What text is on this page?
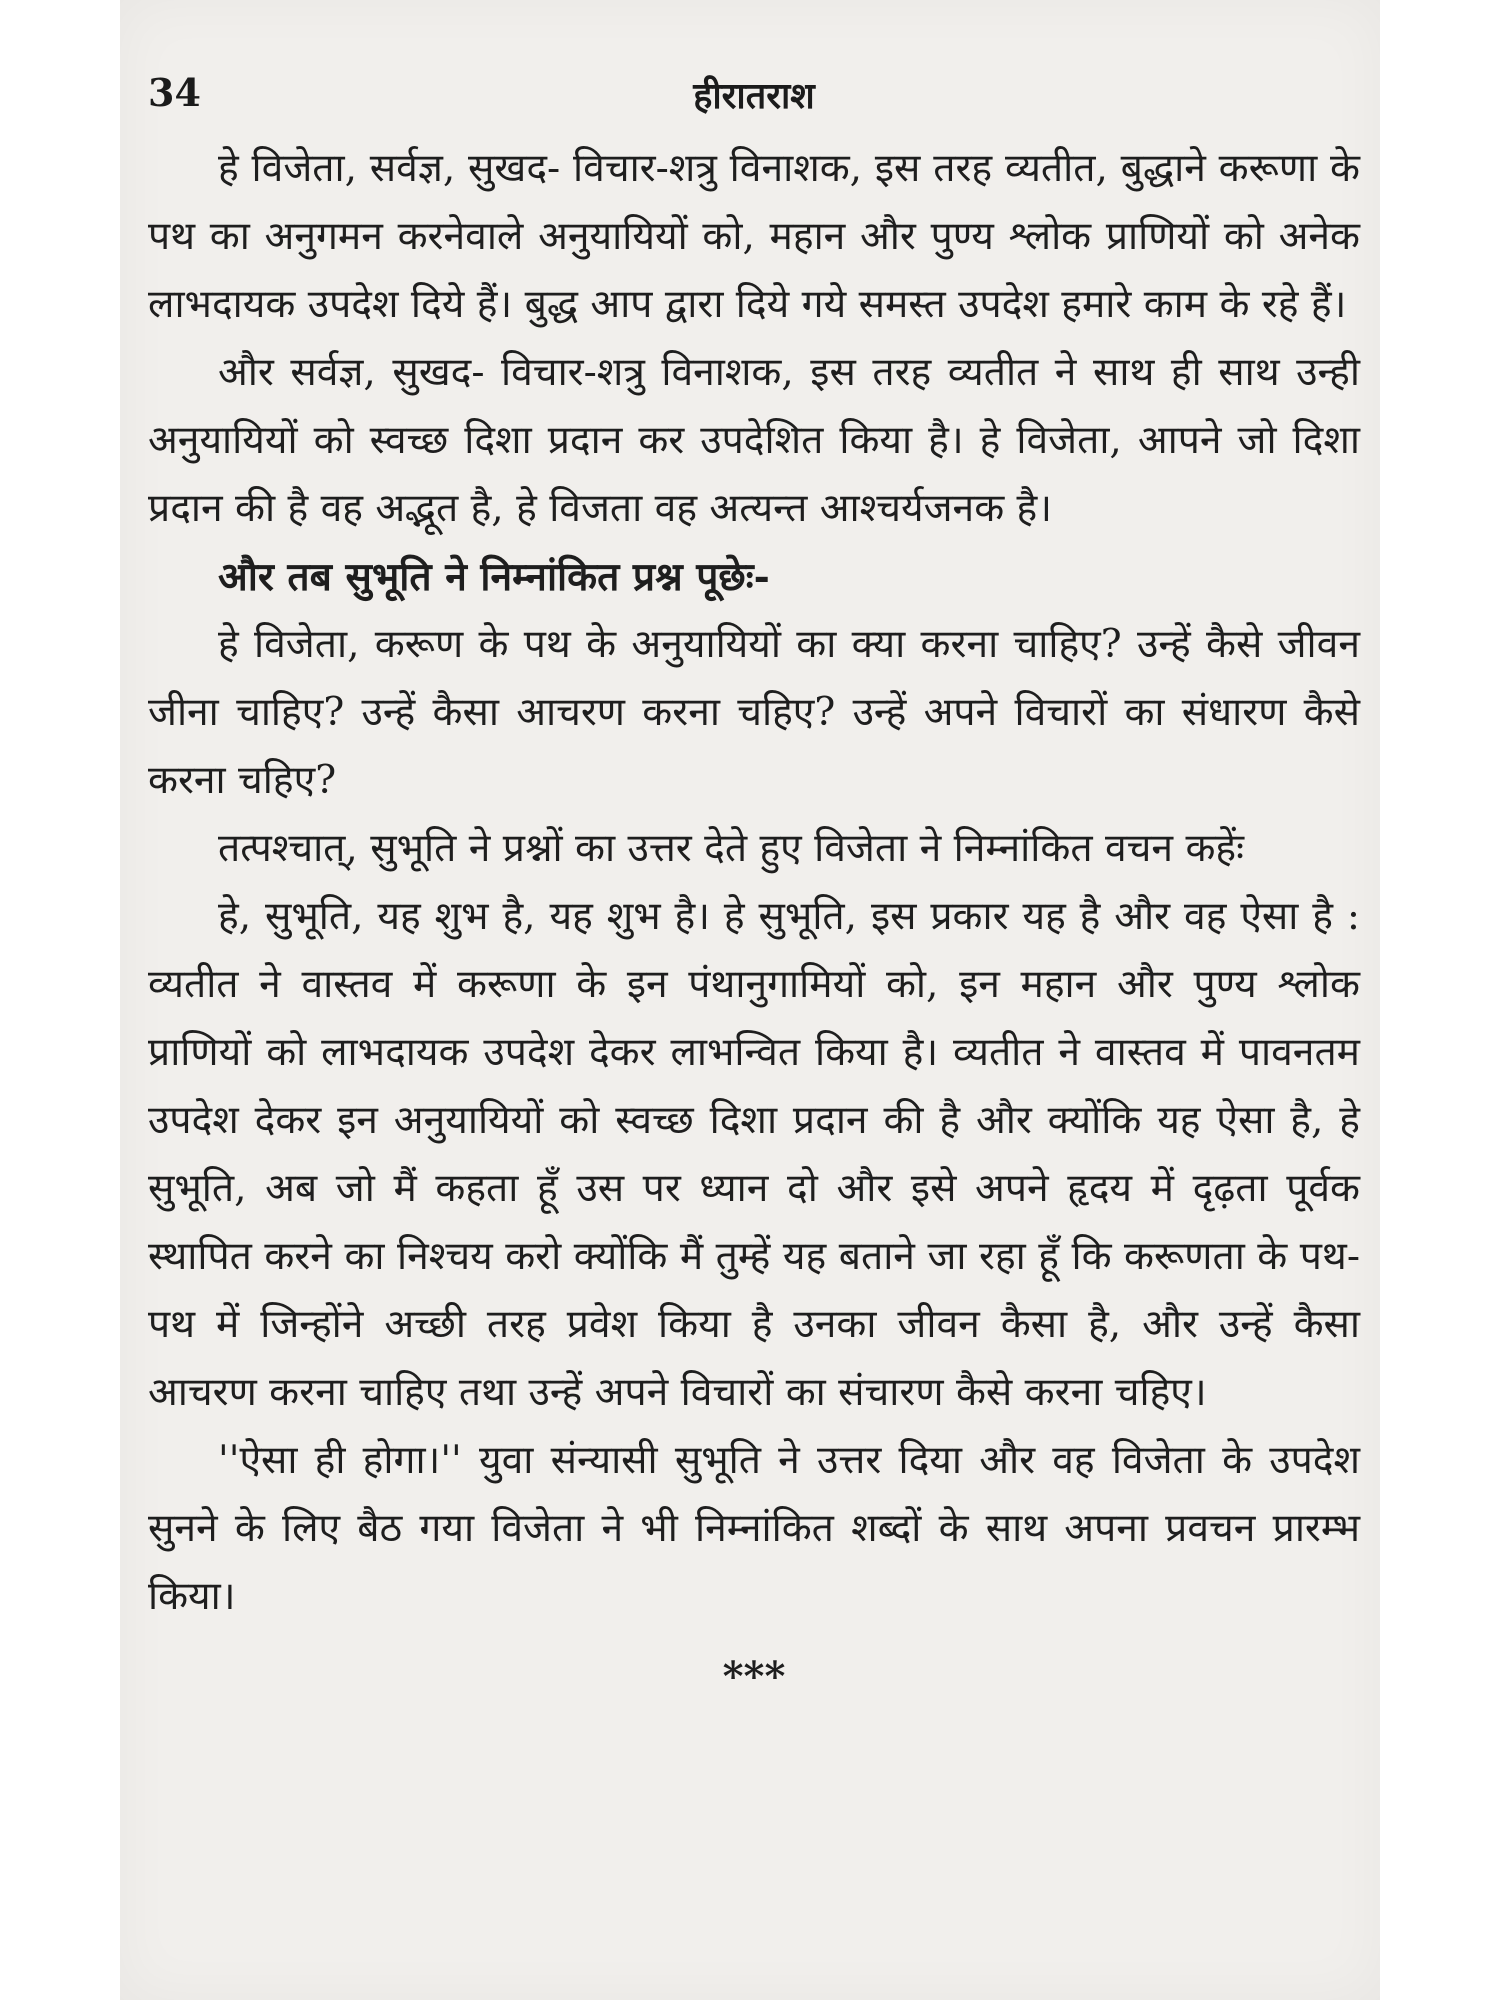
34	हीरातराश

हे विजेता, सर्वज्ञ, सुखद- विचार-शत्रु विनाशक, इस तरह व्यतीत, बुद्धाने करूणा के पथ का अनुगमन करनेवाले अनुयायियों को, महान और पुण्य श्लोक प्राणियों को अनेक लाभदायक उपदेश दिये हैं। बुद्ध आप द्वारा दिये गये समस्त उपदेश हमारे काम के रहे हैं।

और सर्वज्ञ, सुखद- विचार-शत्रु विनाशक, इस तरह व्यतीत ने साथ ही साथ उन्ही अनुयायियों को स्वच्छ दिशा प्रदान कर उपदेशित किया है। हे विजेता, आपने जो दिशा प्रदान की है वह अद्भूत है, हे विजता वह अत्यन्त आश्चर्यजनक है।

और तब सुभूति ने निम्नांकित प्रश्न पूछेः-

हे विजेता, करूण के पथ के अनुयायियों का क्या करना चाहिए? उन्हें कैसे जीवन जीना चाहिए? उन्हें कैसा आचरण करना चहिए? उन्हें अपने विचारों का संधारण कैसे करना चहिए?

तत्पश्चात्, सुभूति ने प्रश्नों का उत्तर देते हुए विजेता ने निम्नांकित वचन कहेंः

हे, सुभूति, यह शुभ है, यह शुभ है। हे सुभूति, इस प्रकार यह है और वह ऐसा है : व्यतीत ने वास्तव में करूणा के इन पंथानुगामियों को, इन महान और पुण्य श्लोक प्राणियों को लाभदायक उपदेश देकर लाभन्वित किया है। व्यतीत ने वास्तव में पावनतम उपदेश देकर इन अनुयायियों को स्वच्छ दिशा प्रदान की है और क्योंकि यह ऐसा है, हे सुभूति, अब जो मैं कहता हूँ उस पर ध्यान दो और इसे अपने हृदय में दृढ़ता पूर्वक स्थापित करने का निश्चय करो क्योंकि मैं तुम्हें यह बताने जा रहा हूँ कि करूणता के पथ-पथ में जिन्होंने अच्छी तरह प्रवेश किया है उनका जीवन कैसा है, और उन्हें कैसा आचरण करना चाहिए तथा उन्हें अपने विचारों का संचारण कैसे करना चहिए।

''ऐसा ही होगा।'' युवा संन्यासी सुभूति ने उत्तर दिया और वह विजेता के उपदेश सुनने के लिए बैठ गया विजेता ने भी निम्नांकित शब्दों के साथ अपना प्रवचन प्रारम्भ किया।

***
